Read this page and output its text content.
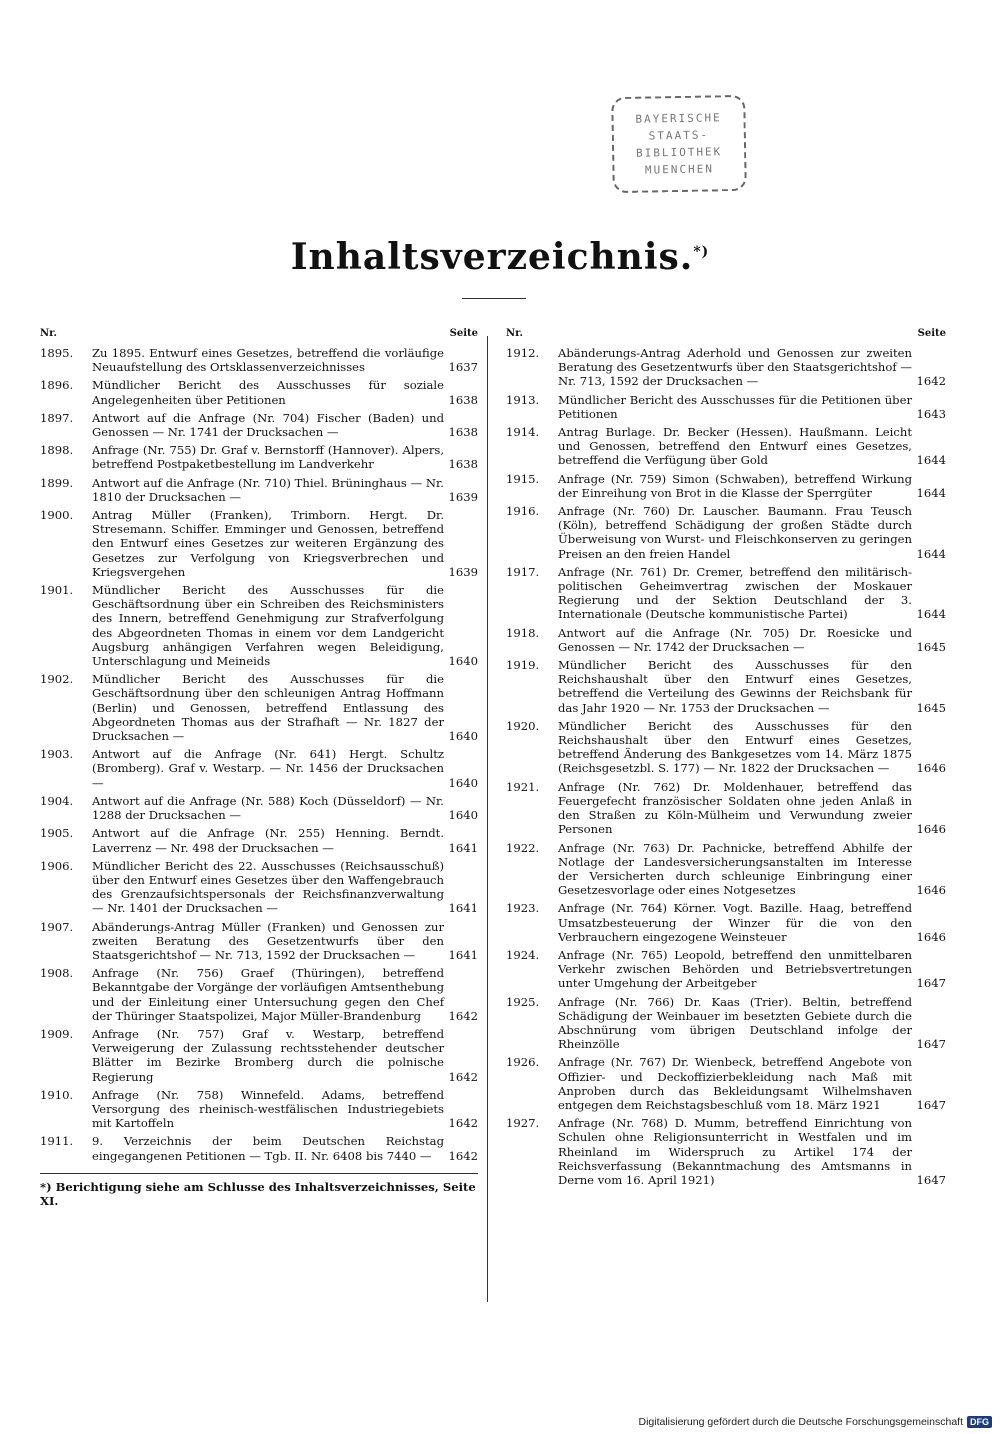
BAYERISCHE
STAATS-
BIBLIOTHEK
MUENCHEN
Inhaltsverzeichnis.*)
Nr.	Seite
1895.	Zu 1895. Entwurf eines Gesetzes, betreffend die vorläufige Neuaufstellung des Ortsklassenverzeichnisses	1637
1896.	Mündlicher Bericht des Ausschusses für soziale Angelegenheiten über Petitionen	1638
1897.	Antwort auf die Anfrage (Nr. 704) Fischer (Baden) und Genossen — Nr. 1741 der Drucksachen —	1638
1898.	Anfrage (Nr. 755) Dr. Graf v. Bernstorff (Hannover). Alpers, betreffend Postpaketbestellung im Landverkehr	1638
1899.	Antwort auf die Anfrage (Nr. 710) Thiel. Brüninghaus — Nr. 1810 der Drucksachen —	1639
1900.	Antrag Müller (Franken), Trimborn. Hergt. Dr. Stresemann. Schiffer. Emminger und Genossen, betreffend den Entwurf eines Gesetzes zur weiteren Ergänzung des Gesetzes zur Verfolgung von Kriegsverbrechen und Kriegsvergehen	1639
1901.	Mündlicher Bericht des Ausschusses für die Geschäftsordnung über ein Schreiben des Reichsministers des Innern, betreffend Genehmigung zur Strafverfolgung des Abgeordneten Thomas in einem vor dem Landgericht Augsburg anhängigen Verfahren wegen Beleidigung, Unterschlagung und Meineids	1640
1902.	Mündlicher Bericht des Ausschusses für die Geschäftsordnung über den schleunigen Antrag Hoffmann (Berlin) und Genossen, betreffend Entlassung des Abgeordneten Thomas aus der Strafhaft — Nr. 1827 der Drucksachen —	1640
1903.	Antwort auf die Anfrage (Nr. 641) Hergt. Schultz (Bromberg). Graf v. Westarp. — Nr. 1456 der Drucksachen —	1640
1904.	Antwort auf die Anfrage (Nr. 588) Koch (Düsseldorf) — Nr. 1288 der Drucksachen —	1640
1905.	Antwort auf die Anfrage (Nr. 255) Henning. Berndt. Laverrenz — Nr. 498 der Drucksachen —	1641
1906.	Mündlicher Bericht des 22. Ausschusses (Reichsausschuß) über den Entwurf eines Gesetzes über den Waffengebrauch des Grenzaufsichtspersonals der Reichsfinanzverwaltung — Nr. 1401 der Drucksachen —	1641
1907.	Abänderungs-Antrag Müller (Franken) und Genossen zur zweiten Beratung des Gesetzentwurfs über den Staatsgerichtshof — Nr. 713, 1592 der Drucksachen —	1641
1908.	Anfrage (Nr. 756) Graef (Thüringen), betreffend Bekanntgabe der Vorgänge der vorläufigen Amtsenthebung und der Einleitung einer Untersuchung gegen den Chef der Thüringer Staatspolizei, Major Müller-Brandenburg	1642
1909.	Anfrage (Nr. 757) Graf v. Westarp, betreffend Verweigerung der Zulassung rechtsstehender deutscher Blätter im Bezirke Bromberg durch die polnische Regierung	1642
1910.	Anfrage (Nr. 758) Winnefeld. Adams, betreffend Versorgung des rheinisch-westfälischen Industriegebiets mit Kartoffeln	1642
1911.	9. Verzeichnis der beim Deutschen Reichstag eingegangenen Petitionen — Tgb. II. Nr. 6408 bis 7440 —	1642
*) Berichtigung siehe am Schlusse des Inhaltsverzeichnisses, Seite XI.
Nr.	Seite
1912.	Abänderungs-Antrag Aderhold und Genossen zur zweiten Beratung des Gesetzentwurfs über den Staatsgerichtshof — Nr. 713, 1592 der Drucksachen —	1642
1913.	Mündlicher Bericht des Ausschusses für die Petitionen über Petitionen	1643
1914.	Antrag Burlage. Dr. Becker (Hessen). Haußmann. Leicht und Genossen, betreffend den Entwurf eines Gesetzes, betreffend die Verfügung über Gold	1644
1915.	Anfrage (Nr. 759) Simon (Schwaben), betreffend Wirkung der Einreihung von Brot in die Klasse der Sperrgüter	1644
1916.	Anfrage (Nr. 760) Dr. Lauscher. Baumann. Frau Teusch (Köln), betreffend Schädigung der großen Städte durch Überweisung von Wurst- und Fleischkonserven zu geringen Preisen an den freien Handel	1644
1917.	Anfrage (Nr. 761) Dr. Cremer, betreffend den militärisch-politischen Geheimvertrag zwischen der Moskauer Regierung und der Sektion Deutschland der 3. Internationale (Deutsche kommunistische Partei)	1644
1918.	Antwort auf die Anfrage (Nr. 705) Dr. Roesicke und Genossen — Nr. 1742 der Drucksachen —	1645
1919.	Mündlicher Bericht des Ausschusses für den Reichshaushalt über den Entwurf eines Gesetzes, betreffend die Verteilung des Gewinns der Reichsbank für das Jahr 1920 — Nr. 1753 der Drucksachen —	1645
1920.	Mündlicher Bericht des Ausschusses für den Reichshaushalt über den Entwurf eines Gesetzes, betreffend Änderung des Bankgesetzes vom 14. März 1875 (Reichsgesetzbl. S. 177) — Nr. 1822 der Drucksachen —	1646
1921.	Anfrage (Nr. 762) Dr. Moldenhauer, betreffend das Feuergefecht französischer Soldaten ohne jeden Anlaß in den Straßen zu Köln-Mülheim und Verwundung zweier Personen	1646
1922.	Anfrage (Nr. 763) Dr. Pachnicke, betreffend Abhilfe der Notlage der Landesversicherungsanstalten im Interesse der Versicherten durch schleunige Einbringung einer Gesetzesvorlage oder eines Notgesetzes	1646
1923.	Anfrage (Nr. 764) Körner. Vogt. Bazille. Haag, betreffend Umsatzbesteuerung der Winzer für die von den Verbrauchern eingezogene Weinsteuer	1646
1924.	Anfrage (Nr. 765) Leopold, betreffend den unmittelbaren Verkehr zwischen Behörden und Betriebsvertretungen unter Umgehung der Arbeitgeber	1647
1925.	Anfrage (Nr. 766) Dr. Kaas (Trier). Beltin, betreffend Schädigung der Weinbauer im besetzten Gebiete durch die Abschnürung vom übrigen Deutschland infolge der Rheinzölle	1647
1926.	Anfrage (Nr. 767) Dr. Wienbeck, betreffend Angebote von Offizier- und Deckoffizierbekleidung nach Maß mit Anproben durch das Bekleidungsamt Wilhelmshaven entgegen dem Reichstagsbeschluß vom 18. März 1921	1647
1927.	Anfrage (Nr. 768) D. Mumm, betreffend Einrichtung von Schulen ohne Religionsunterricht in Westfalen und im Rheinland im Widerspruch zu Artikel 174 der Reichsverfassung (Bekanntmachung des Amtsmanns in Derne vom 16. April 1921)	1647
Digitalisierung gefördert durch die Deutsche Forschungsgemeinschaft DFG
